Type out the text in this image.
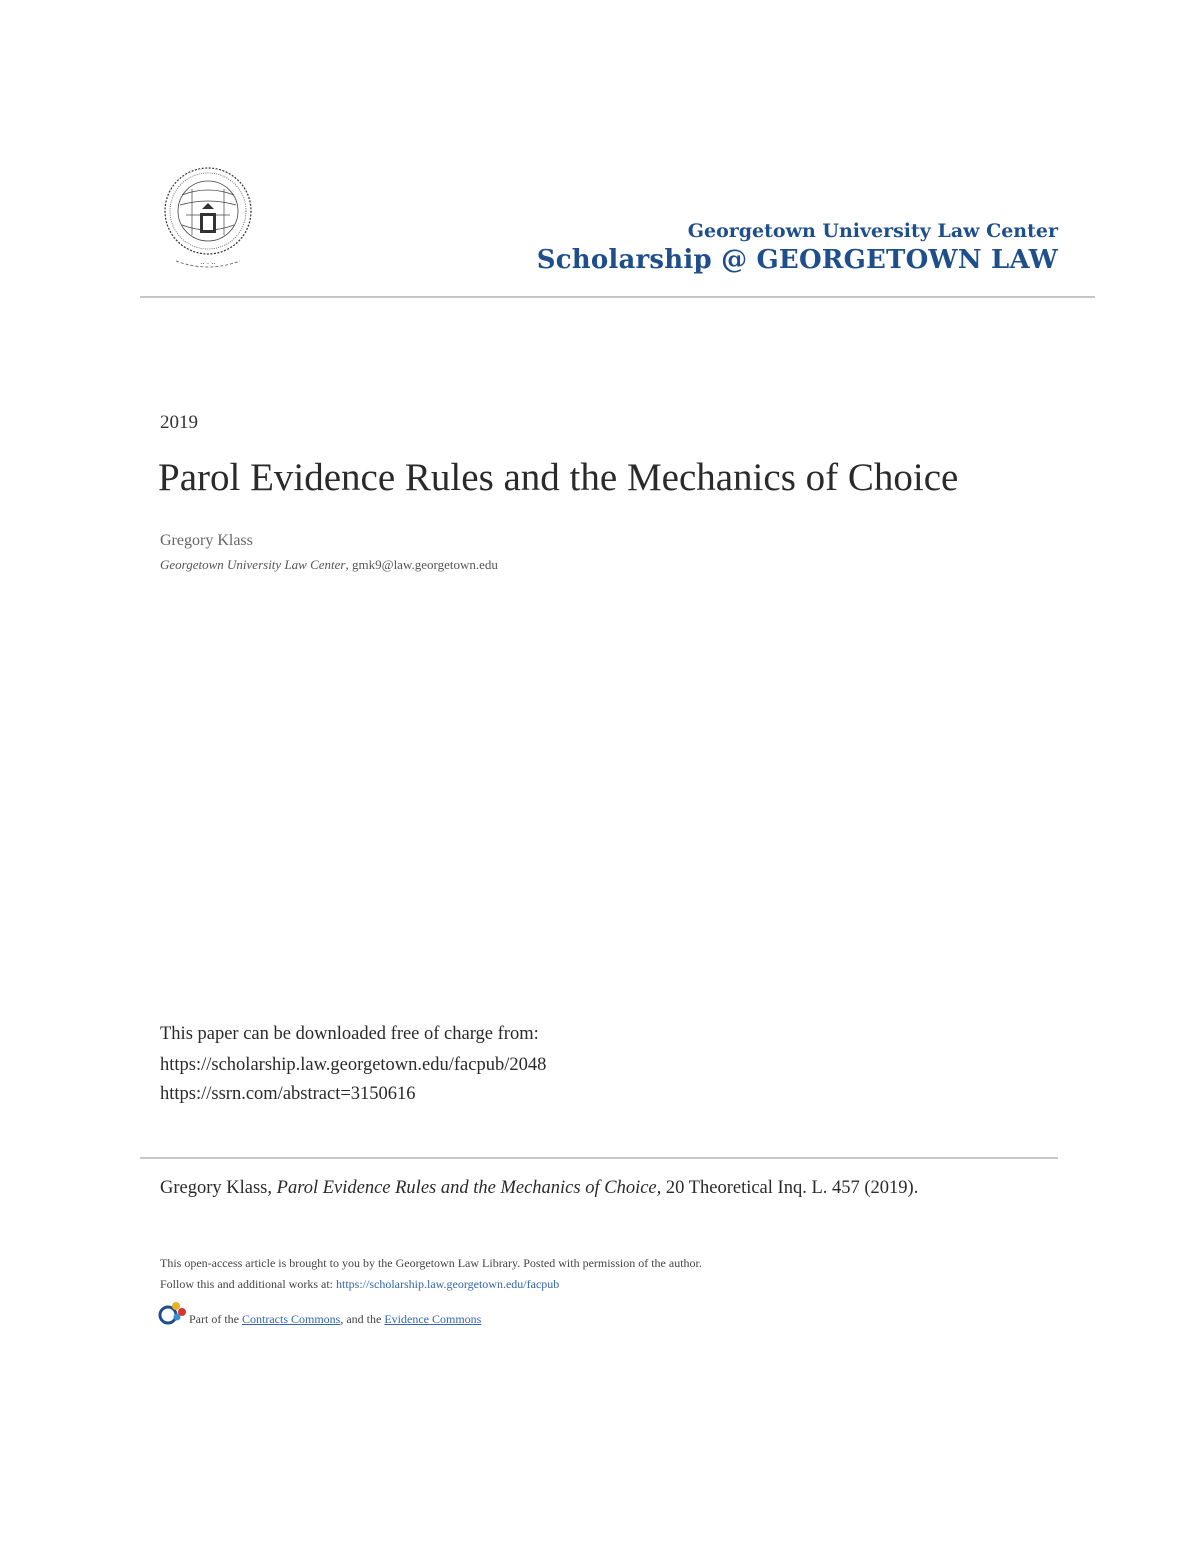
·· · ··
Georgetown University Law Center
Scholarship @ GEORGETOWN LAW
2019
Parol Evidence Rules and the Mechanics of Choice
Gregory Klass
Georgetown University Law Center, gmk9@law.georgetown.edu
This paper can be downloaded free of charge from:
https://scholarship.law.georgetown.edu/facpub/2048
https://ssrn.com/abstract=3150616
Gregory Klass, Parol Evidence Rules and the Mechanics of Choice, 20 Theoretical Inq. L. 457 (2019).
This open-access article is brought to you by the Georgetown Law Library. Posted with permission of the author.
Follow this and additional works at: https://scholarship.law.georgetown.edu/facpub
Part of the Contracts Commons, and the Evidence Commons
